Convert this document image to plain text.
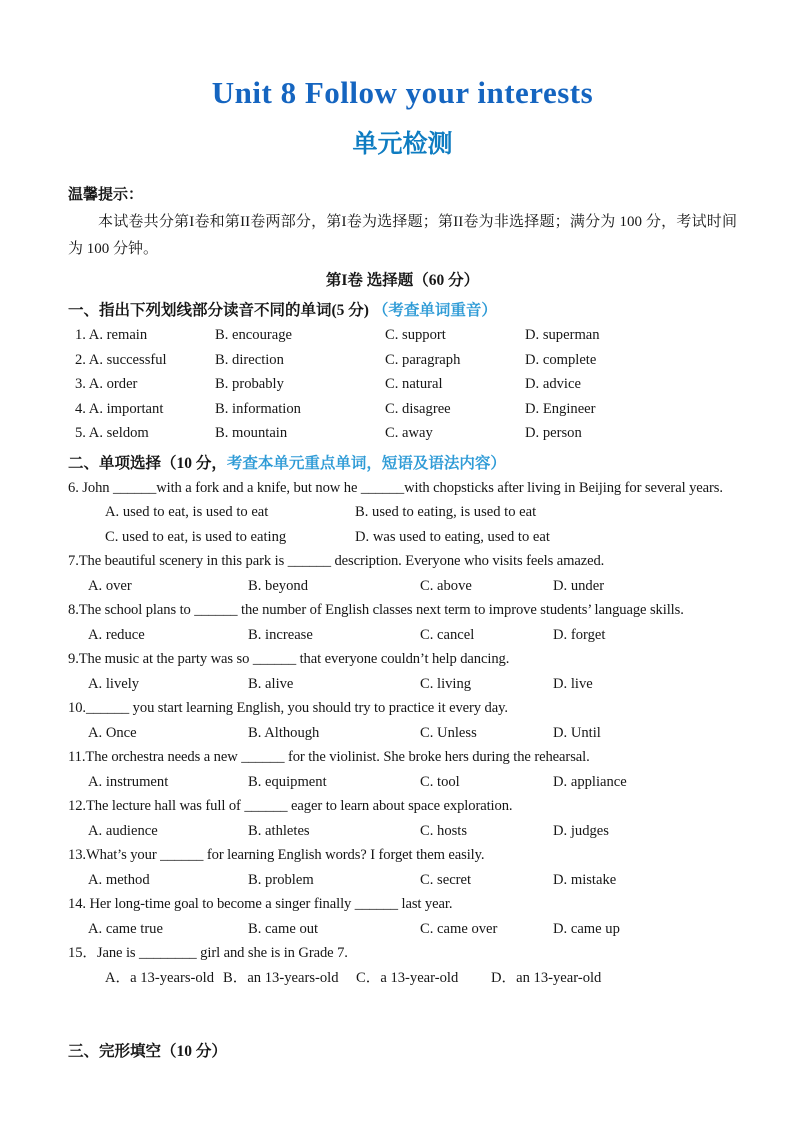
Unit 8 Follow your interests
单元检测
温馨提示：

本试卷共分第I卷和第II卷两部分，第I卷为选择题；第II卷为非选择题；满分为 100 分，考试时间为 100 分钟。

第I卷 选择题（60 分）
一、指出下列划线部分读音不同的单词(5 分) （考查单词重音）
1. A. remain	B. encourage	C. support	D. superman
2. A. successful	B. direction	C. paragraph	D. complete
3. A. order	B. probably	C. natural	D. advice
4. A. important	B. information	C. disagree	D. Engineer
5. A. seldom	B. mountain	C. away	D. person
二、单项选择（10 分，考查本单元重点单词，短语及语法内容）
6. John ______with a fork and a knife, but now he ______with chopsticks after living in Beijing for several years.
A. used to eat, is used to eat	B. used to eating, is used to eat
C. used to eat, is used to eating	D. was used to eating, used to eat
7.The beautiful scenery in this park is ______ description. Everyone who visits feels amazed.
A. over	B. beyond	C. above	D. under
8.The school plans to ______ the number of English classes next term to improve students’ language skills.
A. reduce	B. increase	C. cancel	D. forget
9.The music at the party was so ______ that everyone couldn’t help dancing.
A. lively	B. alive	C. living	D. live
10.______ you start learning English, you should try to practice it every day.
A. Once	B. Although	C. Unless	D. Until
11.The orchestra needs a new ______ for the violinist. She broke hers during the rehearsal.
A. instrument	B. equipment	C. tool	D. appliance
12.The lecture hall was full of ______ eager to learn about space exploration.
A. audience	B. athletes	C. hosts	D. judges
13.What’s your ______ for learning English words? I forget them easily.
A. method	B. problem	C. secret	D. mistake
14. Her long-time goal to become a singer finally ______ last year.
A. came true	B. came out	C. came over	D. came up
15．Jane is ________ girl and she is in Grade 7.
A．a 13-years-old B．an 13-years-old	C．a 13-year-old	D．an 13-year-old
三、完形填空（10 分）
